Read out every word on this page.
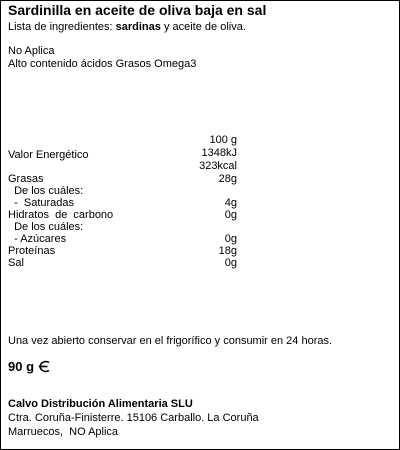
Sardinilla en aceite de oliva baja en sal
Lista de ingredientes: sardinas y aceite de oliva.
No Aplica
Alto contenido ácidos Grasos Omega3
100 g
Valor Energético	1348kJ
323kcal
Grasas	28g
De los cuáles:
-  Saturadas	4g
Hidratos  de  carbono	0g
De los cuáles:
- Azúcares	0g
Proteínas	18g
Sal	0g
Una vez abierto conservar en el frigorífico y consumir en 24 horas.
90 g
Calvo Distribución Alimentaria SLU
Ctra. Coruña-Finisterre. 15106 Carballo. La Coruña
Marruecos,  NO Aplica
